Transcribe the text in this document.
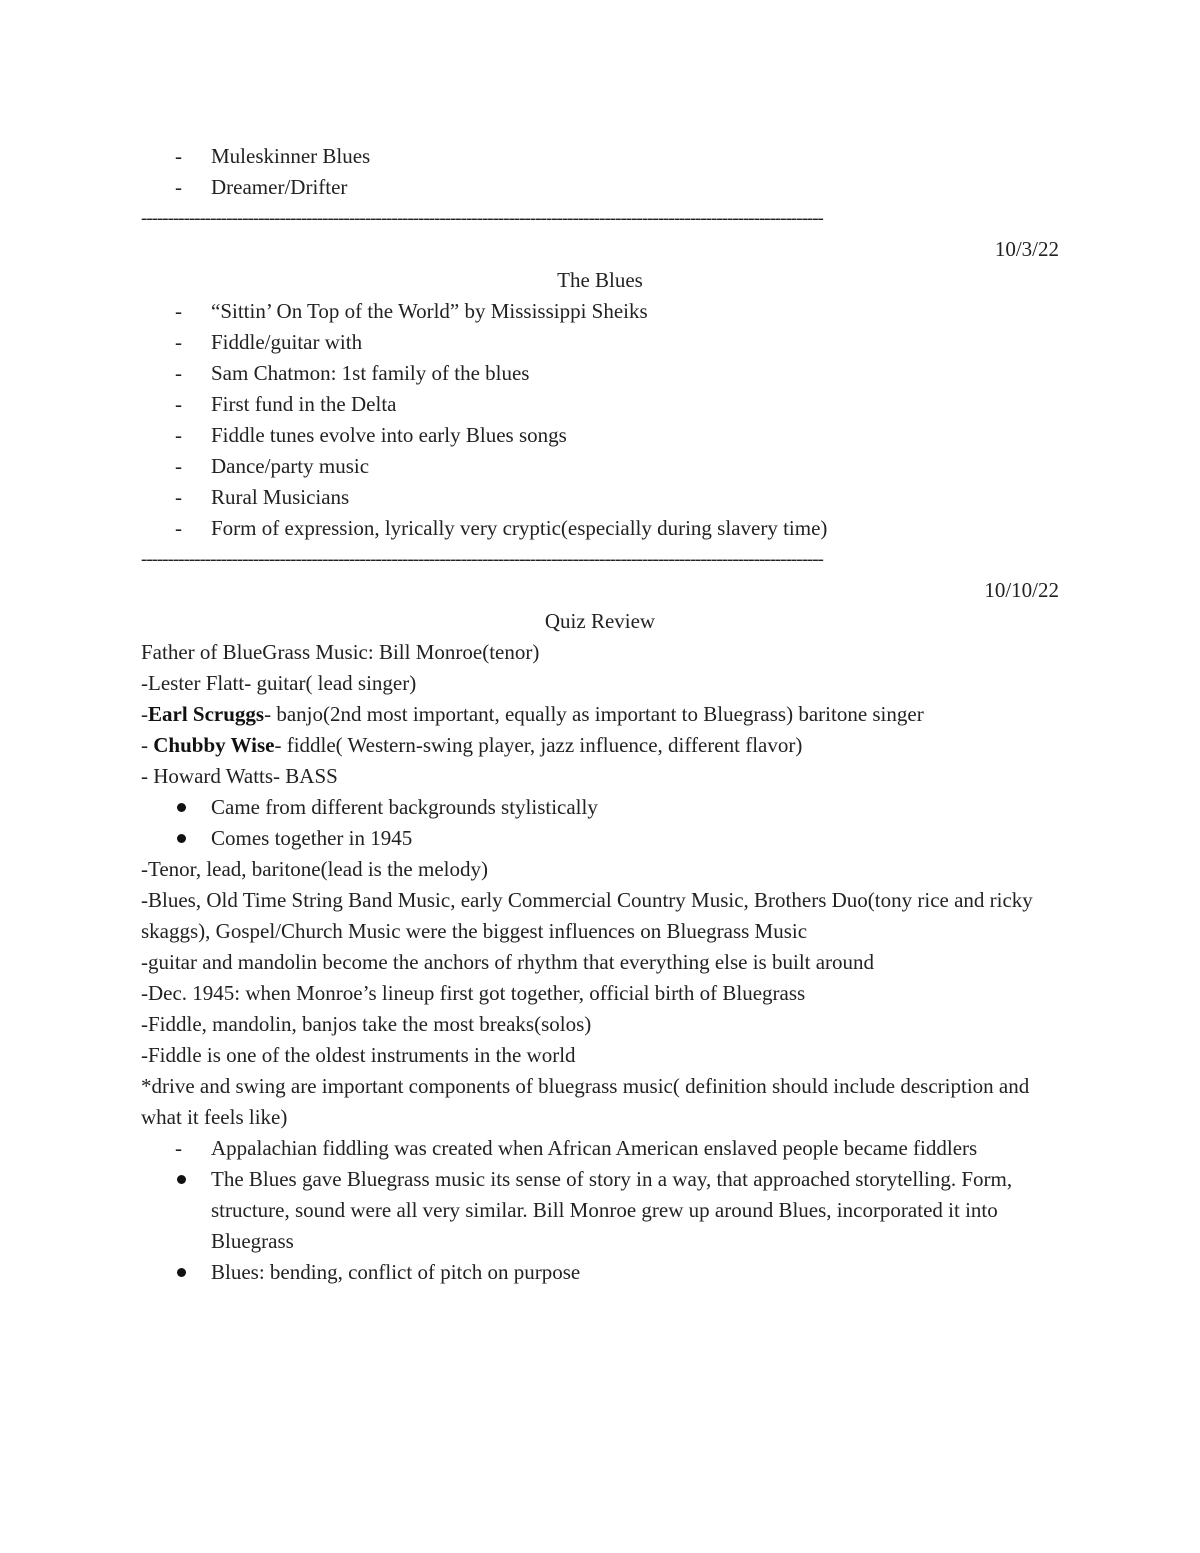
-	Muleskinner Blues
-	Dreamer/Drifter
--------------------------------------------------------------------------------------------------------------------------------
10/3/22
The Blues
-	“Sittin’ On Top of the World” by Mississippi Sheiks
-	Fiddle/guitar with
-	Sam Chatmon: 1st family of the blues
-	First fund in the Delta
-	Fiddle tunes evolve into early Blues songs
-	Dance/party music
-	Rural Musicians
-	Form of expression, lyrically very cryptic(especially during slavery time)
--------------------------------------------------------------------------------------------------------------------------------
10/10/22
Quiz Review
Father of BlueGrass Music: Bill Monroe(tenor)
-Lester Flatt- guitar( lead singer)
-Earl Scruggs- banjo(2nd most important, equally as important to Bluegrass) baritone singer
- Chubby Wise- fiddle( Western-swing player, jazz influence, different flavor)
- Howard Watts- BASS
Came from different backgrounds stylistically
Comes together in 1945
-Tenor, lead, baritone(lead is the melody)
-Blues, Old Time String Band Music, early Commercial Country Music, Brothers Duo(tony rice and ricky skaggs), Gospel/Church Music were the biggest influences on Bluegrass Music
-guitar and mandolin become the anchors of rhythm that everything else is built around
-Dec. 1945: when Monroe’s lineup first got together, official birth of Bluegrass
-Fiddle, mandolin, banjos take the most breaks(solos)
-Fiddle is one of the oldest instruments in the world
*drive and swing are important components of bluegrass music( definition should include description and what it feels like)
-	Appalachian fiddling was created when African American enslaved people became fiddlers
The Blues gave Bluegrass music its sense of story in a way, that approached storytelling. Form, structure, sound were all very similar. Bill Monroe grew up around Blues, incorporated it into Bluegrass
Blues: bending, conflict of pitch on purpose
